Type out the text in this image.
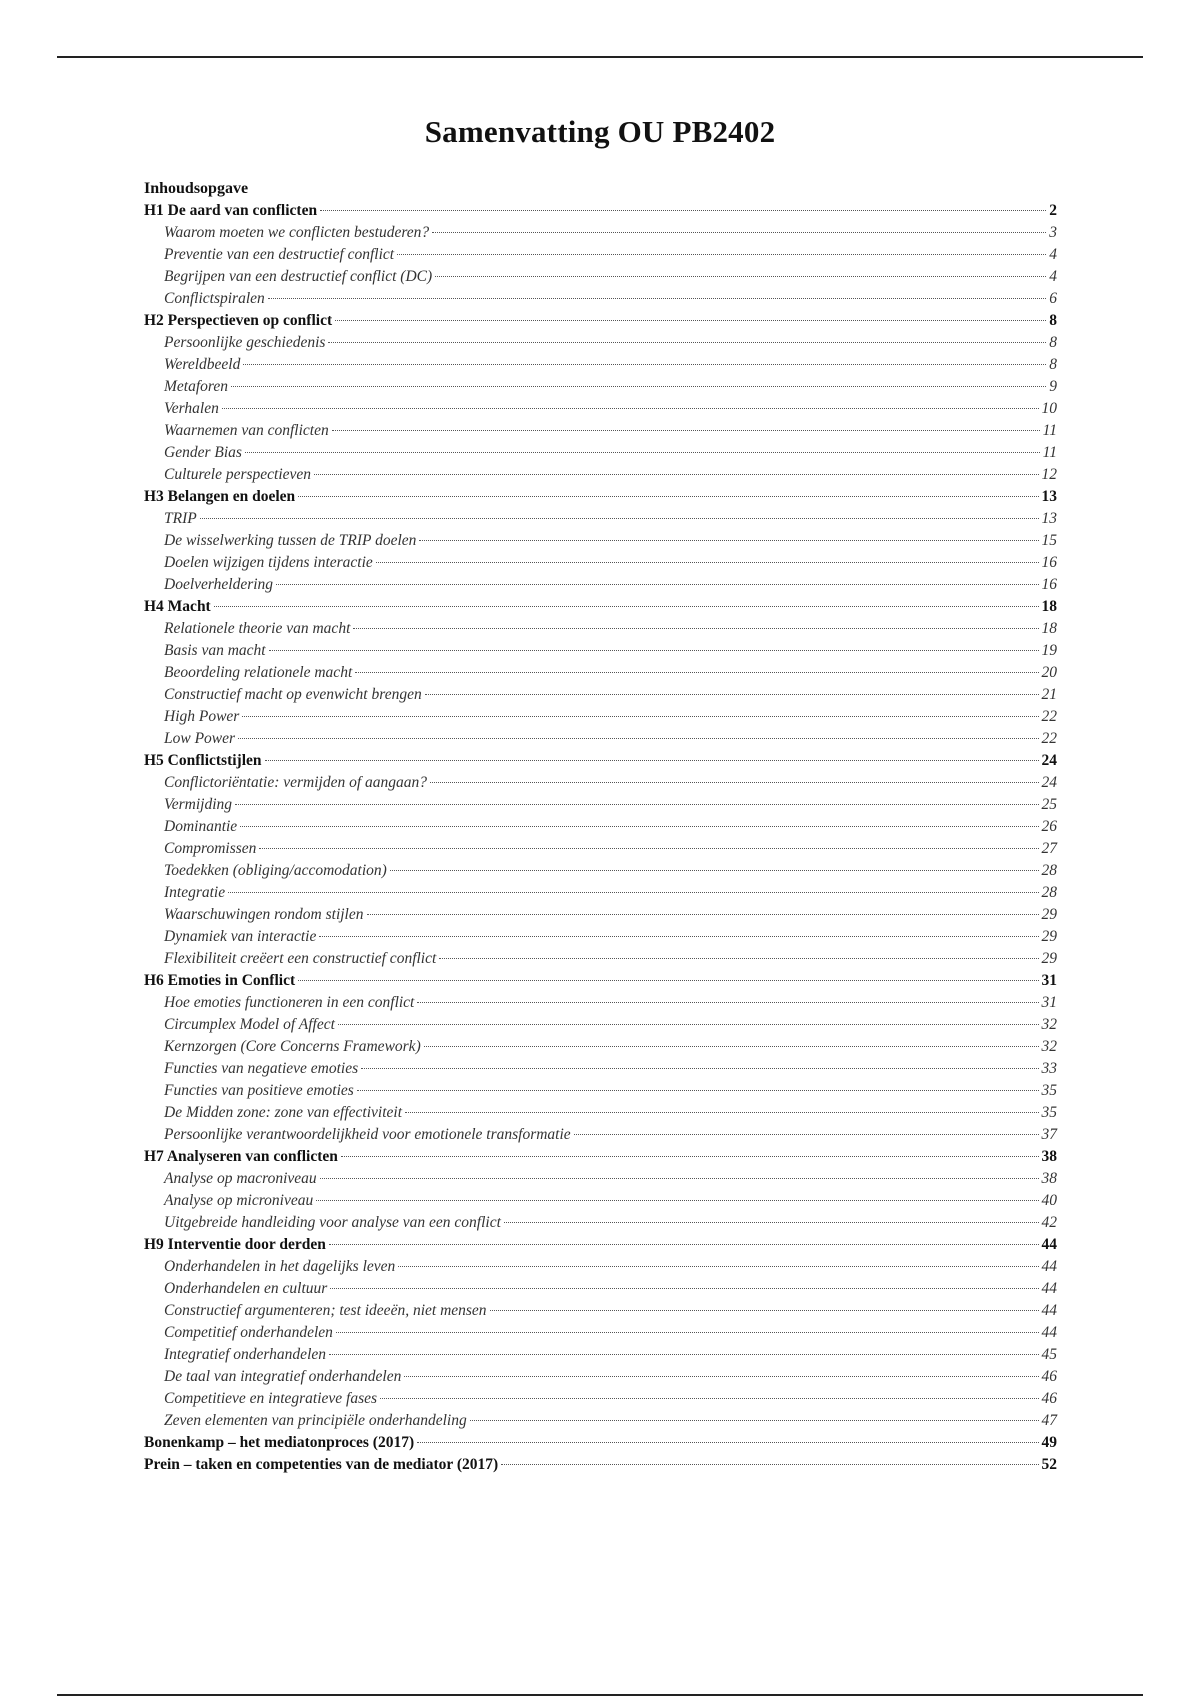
Samenvatting OU PB2402
Inhoudsopgave
H1 De aard van conflicten	2
Waarom moeten we conflicten bestuderen?	3
Preventie van een destructief conflict	4
Begrijpen van een destructief conflict (DC)	4
Conflictspiralen	6
H2 Perspectieven op conflict	8
Persoonlijke geschiedenis	8
Wereldbeeld	8
Metaforen	9
Verhalen	10
Waarnemen van conflicten	11
Gender Bias	11
Culturele perspectieven	12
H3 Belangen en doelen	13
TRIP	13
De wisselwerking tussen de TRIP doelen	15
Doelen wijzigen tijdens interactie	16
Doelverheldering	16
H4 Macht	18
Relationele theorie van macht	18
Basis van macht	19
Beoordeling relationele macht	20
Constructief macht op evenwicht brengen	21
High Power	22
Low Power	22
H5 Conflictstijlen	24
Conflictoriëntatie: vermijden of aangaan?	24
Vermijding	25
Dominantie	26
Compromissen	27
Toedekken (obliging/accomodation)	28
Integratie	28
Waarschuwingen rondom stijlen	29
Dynamiek van interactie	29
Flexibiliteit creëert een constructief conflict	29
H6 Emoties in Conflict	31
Hoe emoties functioneren in een conflict	31
Circumplex Model of Affect	32
Kernzorgen (Core Concerns Framework)	32
Functies van negatieve emoties	33
Functies van positieve emoties	35
De Midden zone: zone van effectiviteit	35
Persoonlijke verantwoordelijkheid voor emotionele transformatie	37
H7 Analyseren van conflicten	38
Analyse op macroniveau	38
Analyse op microniveau	40
Uitgebreide handleiding voor analyse van een conflict	42
H9 Interventie door derden	44
Onderhandelen in het dagelijks leven	44
Onderhandelen en cultuur	44
Constructief argumenteren; test ideeën, niet mensen	44
Competitief onderhandelen	44
Integratief onderhandelen	45
De taal van integratief onderhandelen	46
Competitieve en integratieve fases	46
Zeven elementen van principiële onderhandeling	47
Bonenkamp – het mediatonproces (2017)	49
Prein – taken en competenties van de mediator (2017)	52
